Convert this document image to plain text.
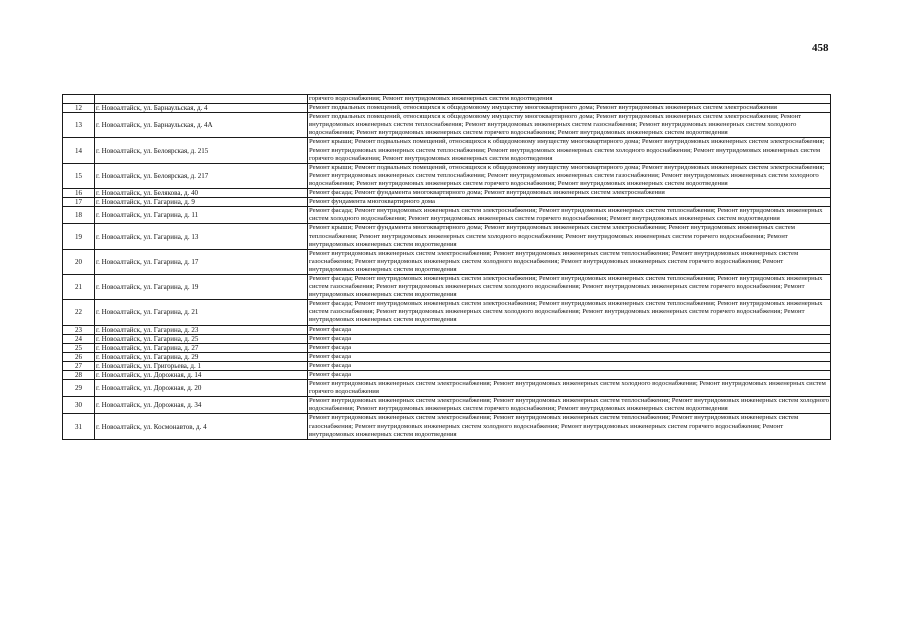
458
		горячего водоснабжения; Ремонт внутридомовых инженерных систем водоотведения
12	г. Новоалтайск, ул. Барнаульская, д. 4	Ремонт подвальных помещений, относящихся к общедомовому имуществу многоквартирного дома; Ремонт внутридомовых инженерных систем электроснабжения
13	г. Новоалтайск, ул. Барнаульская, д. 4А	Ремонт подвальных помещений, относящихся к общедомовому имуществу многоквартирного дома; Ремонт внутридомовых инженерных систем электроснабжения; Ремонт внутридомовых инженерных систем теплоснабжения; Ремонт внутридомовых инженерных систем газоснабжения; Ремонт внутридомовых инженерных систем холодного водоснабжения; Ремонт внутридомовых инженерных систем горячего водоснабжения; Ремонт внутридомовых инженерных систем водоотведения
14	г. Новоалтайск, ул. Белоярская, д. 215	Ремонт крыши; Ремонт подвальных помещений, относящихся к общедомовому имуществу многоквартирного дома; Ремонт внутридомовых инженерных систем электроснабжения; Ремонт внутридомовых инженерных систем теплоснабжения; Ремонт внутридомовых инженерных систем холодного водоснабжения; Ремонт внутридомовых инженерных систем горячего водоснабжения; Ремонт внутридомовых инженерных систем водоотведения
15	г. Новоалтайск, ул. Белоярская, д. 217	Ремонт крыши; Ремонт подвальных помещений, относящихся к общедомовому имуществу многоквартирного дома; Ремонт внутридомовых инженерных систем электроснабжения; Ремонт внутридомовых инженерных систем теплоснабжения; Ремонт внутридомовых инженерных систем газоснабжения; Ремонт внутридомовых инженерных систем холодного водоснабжения; Ремонт внутридомовых инженерных систем горячего водоснабжения; Ремонт внутридомовых инженерных систем водоотведения
16	г. Новоалтайск, ул. Белякова, д. 40	Ремонт фасада; Ремонт фундамента многоквартирного дома; Ремонт внутридомовых инженерных систем электроснабжения
17	г. Новоалтайск, ул. Гагарина, д. 9	Ремонт фундамента многоквартирного дома
18	г. Новоалтайск, ул. Гагарина, д. 11	Ремонт фасада; Ремонт внутридомовых инженерных систем электроснабжения; Ремонт внутридомовых инженерных систем теплоснабжения; Ремонт внутридомовых инженерных систем холодного водоснабжения; Ремонт внутридомовых инженерных систем горячего водоснабжения; Ремонт внутридомовых инженерных систем водоотведения
19	г. Новоалтайск, ул. Гагарина, д. 13	Ремонт крыши; Ремонт фундамента многоквартирного дома; Ремонт внутридомовых инженерных систем электроснабжения; Ремонт внутридомовых инженерных систем теплоснабжения; Ремонт внутридомовых инженерных систем холодного водоснабжения; Ремонт внутридомовых инженерных систем горячего водоснабжения; Ремонт внутридомовых инженерных систем водоотведения
20	г. Новоалтайск, ул. Гагарина, д. 17	Ремонт внутридомовых инженерных систем электроснабжения; Ремонт внутридомовых инженерных систем теплоснабжения; Ремонт внутридомовых инженерных систем газоснабжения; Ремонт внутридомовых инженерных систем холодного водоснабжения; Ремонт внутридомовых инженерных систем горячего водоснабжения; Ремонт внутридомовых инженерных систем водоотведения
21	г. Новоалтайск, ул. Гагарина, д. 19	Ремонт фасада; Ремонт внутридомовых инженерных систем электроснабжения; Ремонт внутридомовых инженерных систем теплоснабжения; Ремонт внутридомовых инженерных систем газоснабжения; Ремонт внутридомовых инженерных систем холодного водоснабжения; Ремонт внутридомовых инженерных систем горячего водоснабжения; Ремонт внутридомовых инженерных систем водоотведения
22	г. Новоалтайск, ул. Гагарина, д. 21	Ремонт фасада; Ремонт внутридомовых инженерных систем электроснабжения; Ремонт внутридомовых инженерных систем теплоснабжения; Ремонт внутридомовых инженерных систем газоснабжения; Ремонт внутридомовых инженерных систем холодного водоснабжения; Ремонт внутридомовых инженерных систем горячего водоснабжения; Ремонт внутридомовых инженерных систем водоотведения
23	г. Новоалтайск, ул. Гагарина, д. 23	Ремонт фасада
24	г. Новоалтайск, ул. Гагарина, д. 25	Ремонт фасада
25	г. Новоалтайск, ул. Гагарина, д. 27	Ремонт фасада
26	г. Новоалтайск, ул. Гагарина, д. 29	Ремонт фасада
27	г. Новоалтайск, ул. Григорьева, д. 1	Ремонт фасада
28	г. Новоалтайск, ул. Дорожная, д. 14	Ремонт фасада
29	г. Новоалтайск, ул. Дорожная, д. 20	Ремонт внутридомовых инженерных систем электроснабжения; Ремонт внутридомовых инженерных систем холодного водоснабжения; Ремонт внутридомовых инженерных систем горячего водоснабжения
30	г. Новоалтайск, ул. Дорожная, д. 34	Ремонт внутридомовых инженерных систем электроснабжения; Ремонт внутридомовых инженерных систем теплоснабжения; Ремонт внутридомовых инженерных систем холодного водоснабжения; Ремонт внутридомовых инженерных систем горячего водоснабжения; Ремонт внутридомовых инженерных систем водоотведения
31	г. Новоалтайск, ул. Космонавтов, д. 4	Ремонт внутридомовых инженерных систем электроснабжения; Ремонт внутридомовых инженерных систем теплоснабжения; Ремонт внутридомовых инженерных систем газоснабжения; Ремонт внутридомовых инженерных систем холодного водоснабжения; Ремонт внутридомовых инженерных систем горячего водоснабжения; Ремонт внутридомовых инженерных систем водоотведения
